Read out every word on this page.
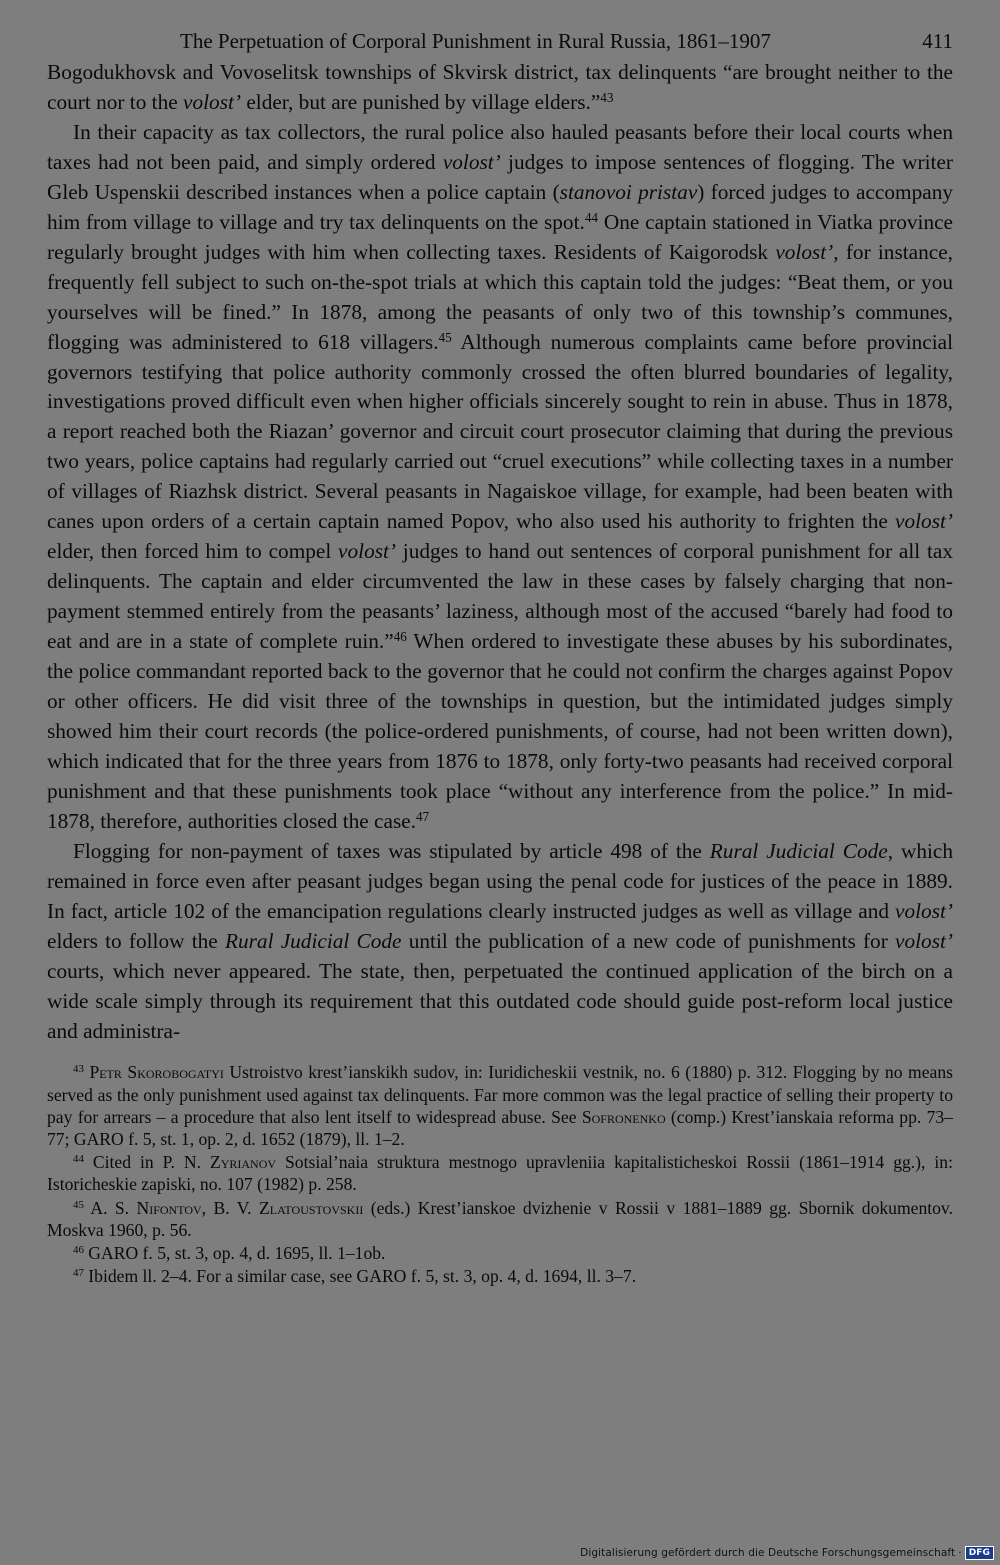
The Perpetuation of Corporal Punishment in Rural Russia, 1861–1907	411

Bogodukhovsk and Vovoselitsk townships of Skvirsk district, tax delinquents “are brought neither to the court nor to the volost’ elder, but are punished by village elders.”$^{43}$

In their capacity as tax collectors, the rural police also hauled peasants before their local courts when taxes had not been paid, and simply ordered volost’ judges to impose sentences of flogging. The writer Gleb Uspenskii described instances when a police captain (stanovoi pristav) forced judges to accompany him from village to village and try tax delinquents on the spot.$^{44}$ One captain stationed in Viatka province regularly brought judges with him when collecting taxes. Residents of Kaigorodsk volost’, for instance, frequently fell subject to such on-the-spot trials at which this captain told the judges: “Beat them, or you yourselves will be fined.” In 1878, among the peasants of only two of this township’s communes, flogging was administered to 618 villagers.$^{45}$ Although numerous complaints came before provincial governors testifying that police authority commonly crossed the often blurred boundaries of legality, investigations proved difficult even when higher officials sincerely sought to rein in abuse. Thus in 1878, a report reached both the Riazan’ governor and circuit court prosecutor claiming that during the previous two years, police captains had regularly carried out “cruel executions” while collecting taxes in a number of villages of Riazhsk district. Several peasants in Nagaiskoe village, for example, had been beaten with canes upon orders of a certain captain named Popov, who also used his authority to frighten the volost’ elder, then forced him to compel volost’ judges to hand out sentences of corporal punishment for all tax delinquents. The captain and elder circumvented the law in these cases by falsely charging that non-payment stemmed entirely from the peasants’ laziness, although most of the accused “barely had food to eat and are in a state of complete ruin.”$^{46}$ When ordered to investigate these abuses by his subordinates, the police commandant reported back to the governor that he could not confirm the charges against Popov or other officers. He did visit three of the townships in question, but the intimidated judges simply showed him their court records (the police-ordered punishments, of course, had not been written down), which indicated that for the three years from 1876 to 1878, only forty-two peasants had received corporal punishment and that these punishments took place “without any interference from the police.” In mid-1878, therefore, authorities closed the case.$^{47}$

Flogging for non-payment of taxes was stipulated by article 498 of the Rural Judicial Code, which remained in force even after peasant judges began using the penal code for justices of the peace in 1889. In fact, article 102 of the emancipation regulations clearly instructed judges as well as village and volost’ elders to follow the Rural Judicial Code until the publication of a new code of punishments for volost’ courts, which never appeared. The state, then, perpetuated the continued application of the birch on a wide scale simply through its requirement that this outdated code should guide post-reform local justice and administra-

$^{43}$ Petr Skorobogatyi Ustroistvo krest’ianskikh sudov, in: Iuridicheskii vestnik, no. 6 (1880) p. 312. Flogging by no means served as the only punishment used against tax delinquents. Far more common was the legal practice of selling their property to pay for arrears – a procedure that also lent itself to widespread abuse. See Sofronenko (comp.) Krest’ianskaia reforma pp. 73–77; GARO f. 5, st. 1, op. 2, d. 1652 (1879), ll. 1–2.

$^{44}$ Cited in P. N. Zyrianov Sotsial’naia struktura mestnogo upravleniia kapitalisticheskoi Rossii (1861–1914 gg.), in: Istoricheskie zapiski, no. 107 (1982) p. 258.

$^{45}$ A. S. Nifontov, B. V. Zlatoustovskii (eds.) Krest’ianskoe dvizhenie v Rossii v 1881–1889 gg. Sbornik dokumentov. Moskva 1960, p. 56.

$^{46}$ GARO f. 5, st. 3, op. 4, d. 1695, ll. 1–1ob.

$^{47}$ Ibidem ll. 2–4. For a similar case, see GARO f. 5, st. 3, op. 4, d. 1694, ll. 3–7.

Digitalisierung gefördert durch die Deutsche Forschungsgemeinschaft · DFG
